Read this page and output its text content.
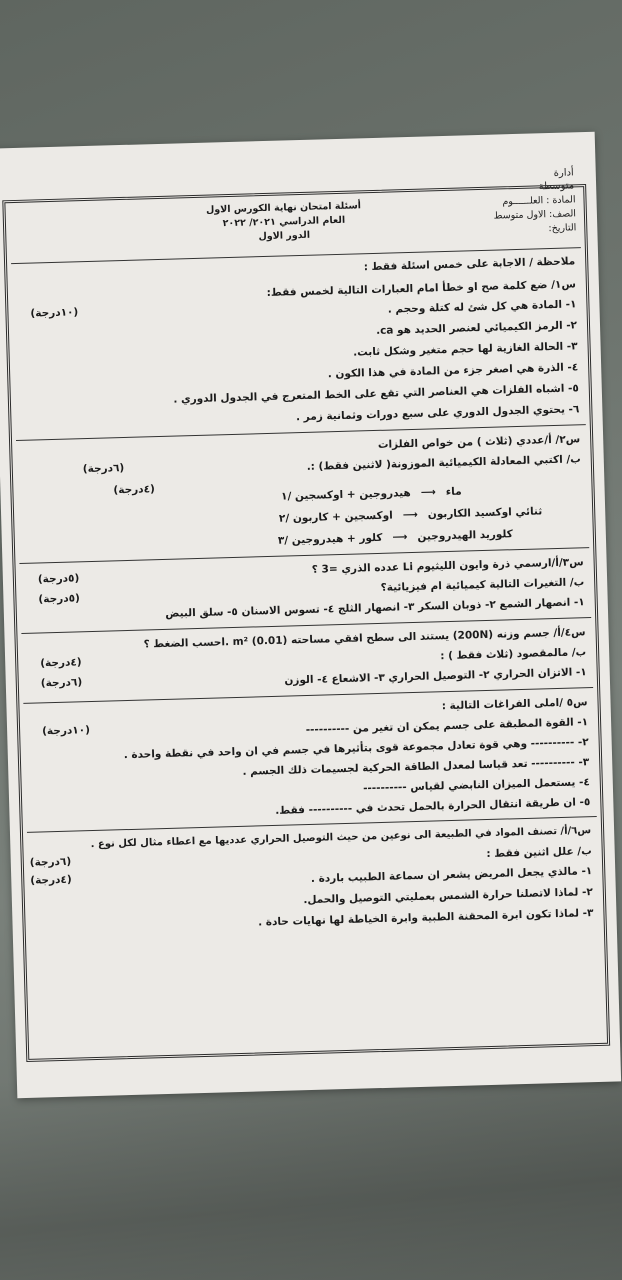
أدارة
متوسطة
المادة : العلــــــوم
الصف: الاول متوسط
التاريخ:
أسئلة امتحان نهاية الكورس الاول
العام الدراسي ٢٠٢١/ ٢٠٢٢
الدور الاول
ملاحظة / الاجابة على خمس اسئلة فقط :
س١/ ضع كلمة صح او خطأ امام العبارات التالية لخمس فقط:
(١٠درجة)	١- المادة هي كل شئ له كتلة وحجم .
٢- الرمز الكيميائي لعنصر الحديد هو ca.
٣- الحالة الغازية لها حجم متغير وشكل ثابت.
٤- الذرة هي اصغر جزء من المادة في هذا الكون .
٥- اشباه الفلزات هي العناصر التي تقع على الخط المتعرج في الجدول الدوري .
٦- يحتوي الجدول الدوري على سبع دورات وثمانية زمر .
س٢/ أ/عددي (ثلاث ) من خواص الفلزات
(٦درجة)	ب/ اكتبي المعادلة الكيميائية الموزونة( لاثنين فقط) :.
(٤درجة)	ماء
⟶
هيدروجين + اوكسجين /١
ثنائي اوكسيد الكاربون
⟶
اوكسجين + كاربون /٢
كلوريد الهيدروجين
⟶
كلور + هيدروجين /٣
س٣/أ/ارسمي ذرة وايون الليثيوم Li عدده الذري =3 ؟
(٥درجة)	ب/ التغيرات التالية كيميائية ام فيزيائية؟
(٥درجة)
١- انصهار الشمع ٢- ذوبان السكر ٣- انصهار الثلج ٤- تسوس الاسنان ٥- سلق البيض
س٤/أ/ جسم وزنه (200N) يستند الى سطح افقي مساحته (0.01) m² .احسب الضغط ؟
(٤درجة)
ب/ مالمقصود (ثلاث فقط ) :
(٦درجة)	١- الاتزان الحراري ٢- التوصيل الحراري ٣- الاشعاع ٤- الوزن
س٥ /املى الفراغات التالية :
(١٠درجة)	١- القوة المطبقة على جسم يمكن ان تغير من ----------
٢- ---------- وهي قوة تعادل مجموعة قوى بتأثيرها في جسم في ان واحد في نقطة واحدة .
٣- ---------- تعد قياسا لمعدل الطاقة الحركية لجسيمات ذلك الجسم .
٤- يستعمل الميزان النابضي لقياس ----------
٥- ان طريقة انتقال الحرارة بالحمل تحدث في ---------- فقط.
س٦/أ/ تصنف المواد في الطبيعة الى نوعين من حيث التوصيل الحراري عدديها مع اعطاء مثال لكل نوع .
(٦درجة)
ب/ علل اثنين فقط :
(٤درجة)	١- مالذي يجعل المريض يشعر ان سماعة الطبيب باردة .
٢- لماذا لاتصلنا حرارة الشمس بعمليتي التوصيل والحمل.
٣- لماذا تكون ابرة المحقنة الطبية وابرة الخياطة لها نهايات حادة .
